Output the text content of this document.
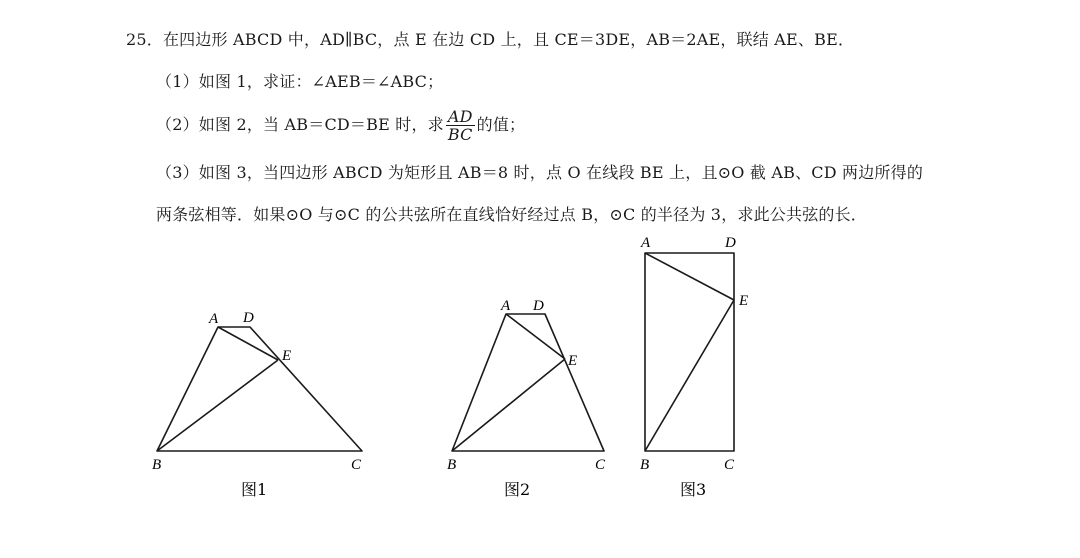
25．在四边形 ABCD 中，AD∥BC，点 E 在边 CD 上，且 CE＝3DE，AB＝2AE，联结 AE、BE．
（1）如图 1，求证：∠AEB＝∠ABC；
（2）如图 2，当 AB＝CD＝BE 时，求 $\frac{AD}{BC}$ 的值；
（3）如图 3，当四边形 ABCD 为矩形且 AB＝8 时，点 O 在线段 BE 上，且⊙O 截 AB、CD 两边所得的
两条弦相等．如果⊙O 与⊙C 的公共弦所在直线恰好经过点 B，⊙C 的半径为 3，求此公共弦的长．
A D
E
B	C
图1
A D
E
B	C
图2
A	D
E
B	C
图3
